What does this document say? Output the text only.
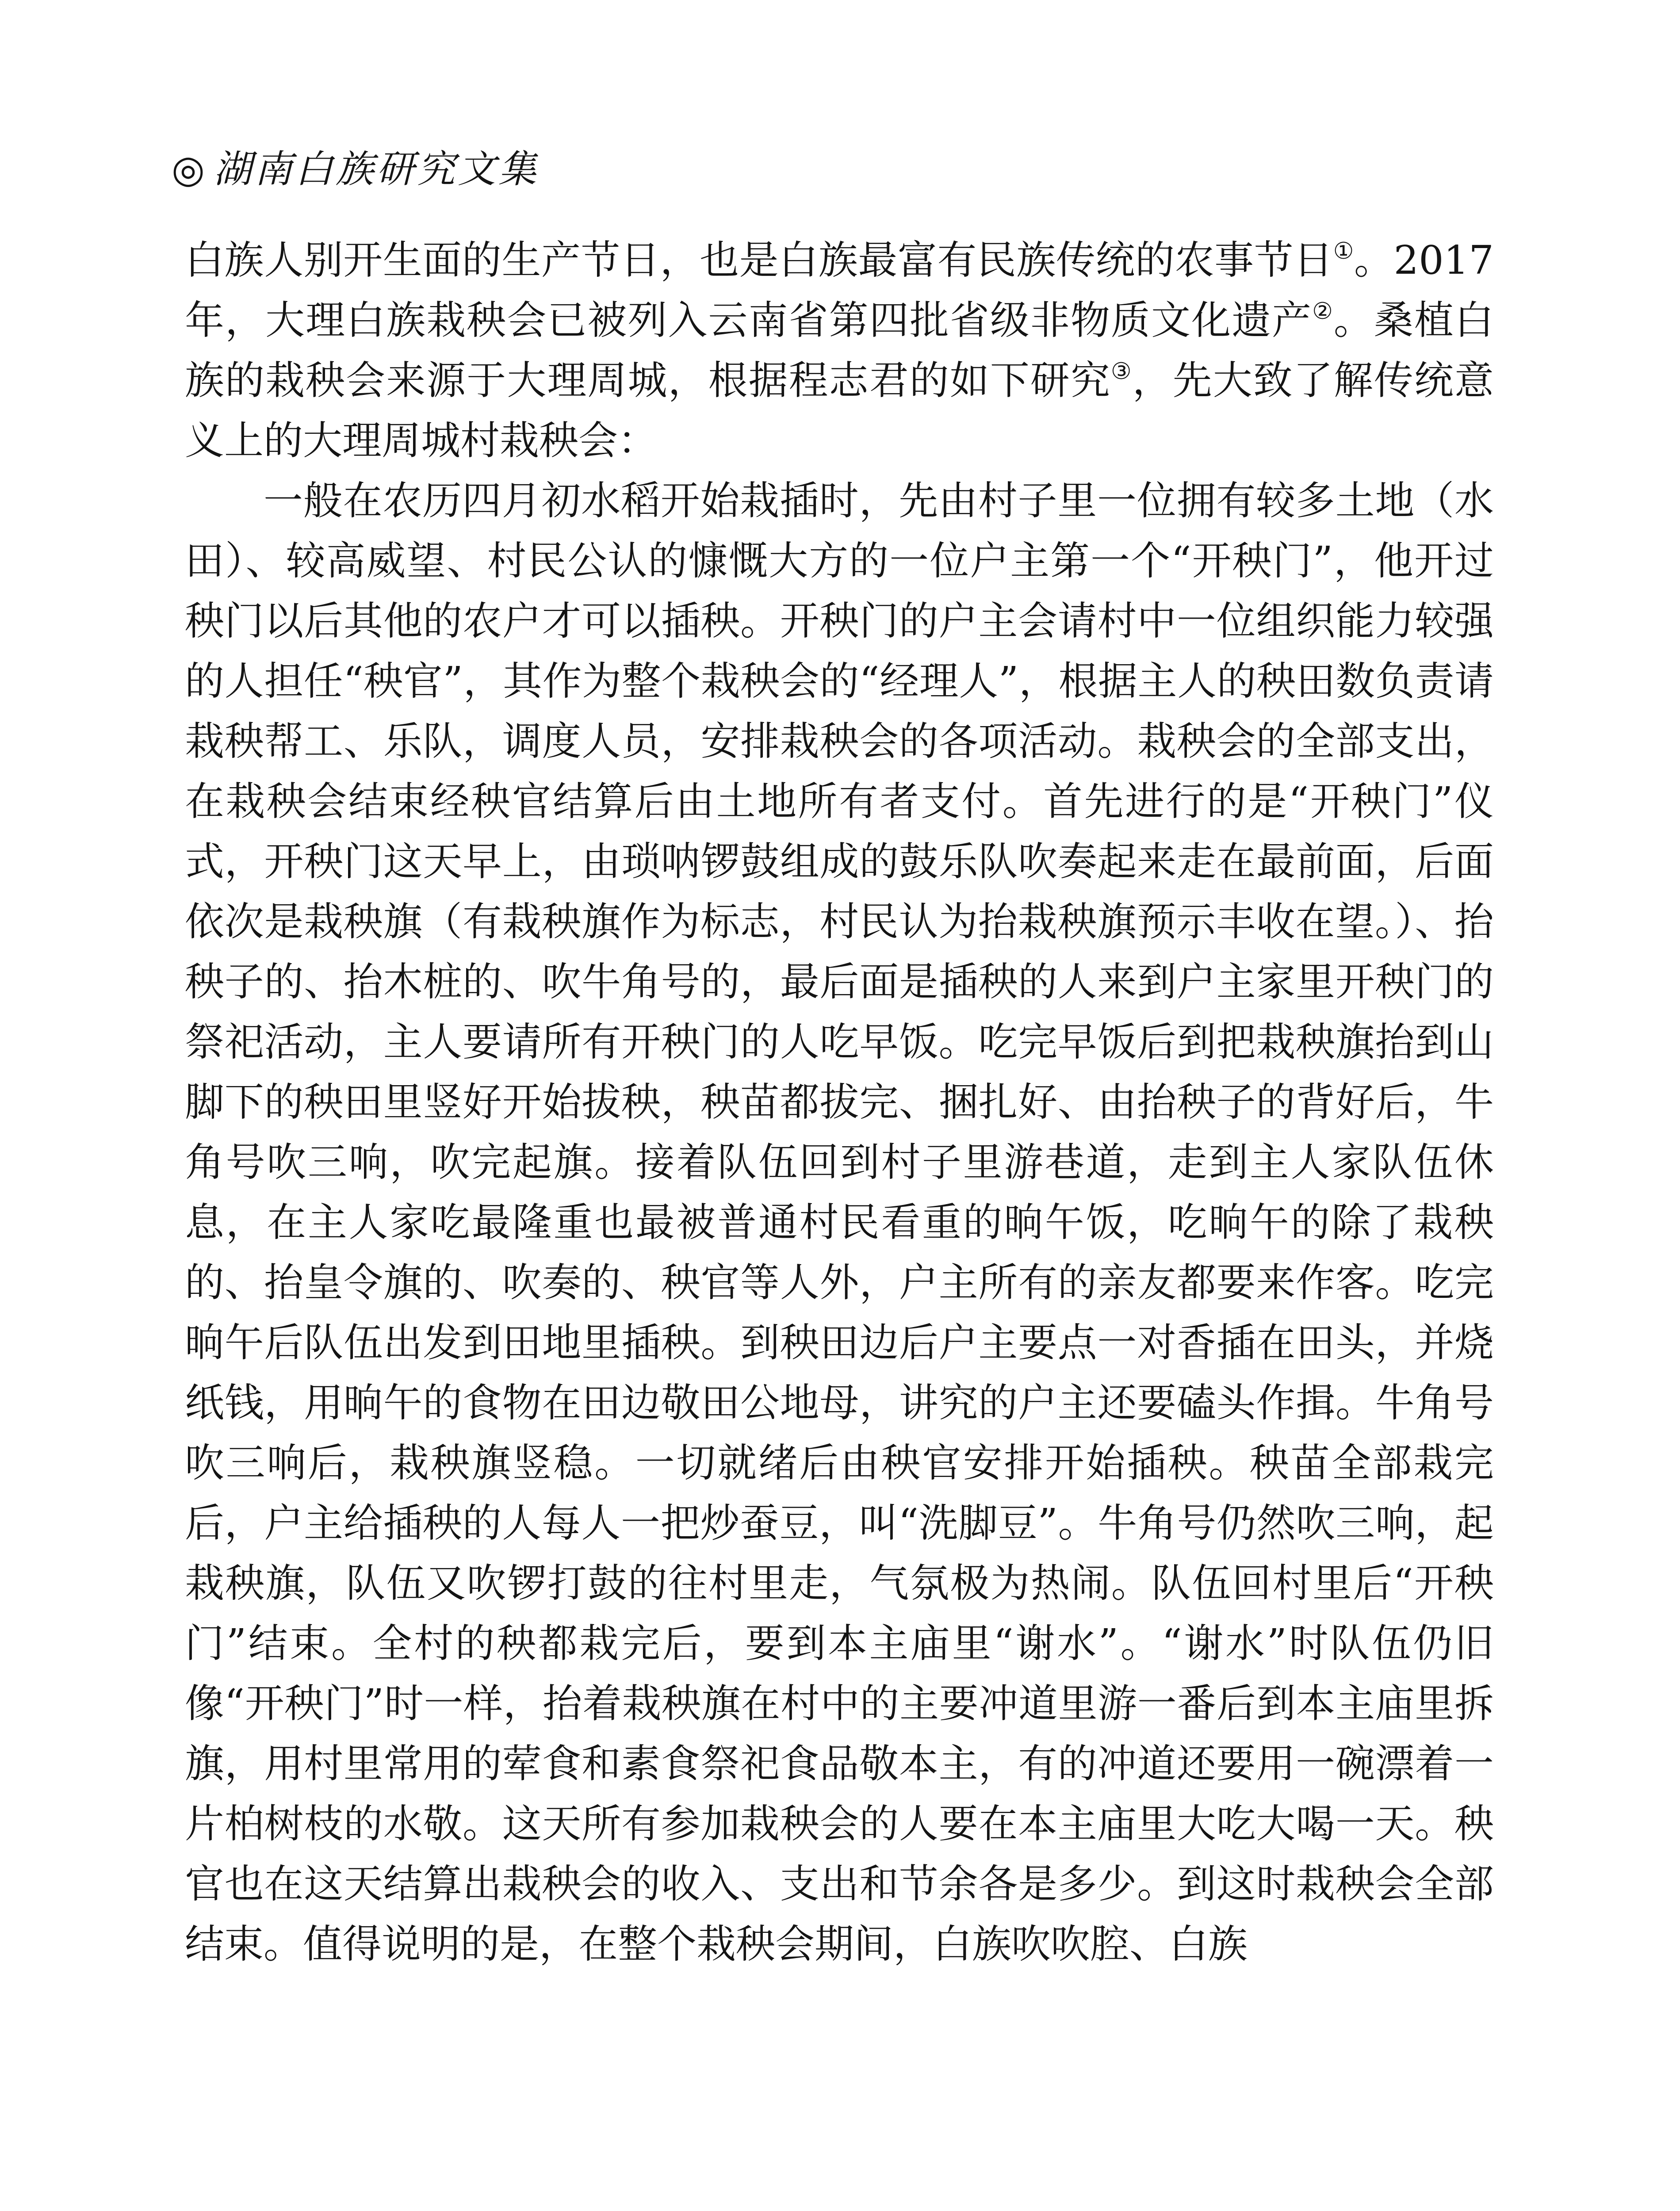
◎ 湖南白族研究文集

白族人别开生面的生产节日，也是白族最富有民族传统的农事节日①。2017年，大理白族栽秧会已被列入云南省第四批省级非物质文化遗产②。桑植白族的栽秧会来源于大理周城，根据程志君的如下研究③，先大致了解传统意义上的大理周城村栽秧会：

一般在农历四月初水稻开始栽插时，先由村子里一位拥有较多土地（水田）、较高威望、村民公认的慷慨大方的一位户主第一个“开秧门”，他开过秧门以后其他的农户才可以插秧。开秧门的户主会请村中一位组织能力较强的人担任“秧官”，其作为整个栽秧会的“经理人”，根据主人的秧田数负责请栽秧帮工、乐队，调度人员，安排栽秧会的各项活动。栽秧会的全部支出，在栽秧会结束经秧官结算后由土地所有者支付。首先进行的是“开秧门”仪式，开秧门这天早上，由琐呐锣鼓组成的鼓乐队吹奏起来走在最前面，后面依次是栽秧旗（有栽秧旗作为标志，村民认为抬栽秧旗预示丰收在望。）、抬秧子的、抬木桩的、吹牛角号的，最后面是插秧的人来到户主家里开秧门的祭祀活动，主人要请所有开秧门的人吃早饭。吃完早饭后到把栽秧旗抬到山脚下的秧田里竖好开始拔秧，秧苗都拔完、捆扎好、由抬秧子的背好后，牛角号吹三响，吹完起旗。接着队伍回到村子里游巷道，走到主人家队伍休息，在主人家吃最隆重也最被普通村民看重的晌午饭，吃晌午的除了栽秧的、抬皇令旗的、吹奏的、秧官等人外，户主所有的亲友都要来作客。吃完晌午后队伍出发到田地里插秧。到秧田边后户主要点一对香插在田头，并烧纸钱，用晌午的食物在田边敬田公地母，讲究的户主还要磕头作揖。牛角号吹三响后，栽秧旗竖稳。一切就绪后由秧官安排开始插秧。秧苗全部栽完后，户主给插秧的人每人一把炒蚕豆，叫“洗脚豆”。牛角号仍然吹三响，起栽秧旗，队伍又吹锣打鼓的往村里走，气氛极为热闹。队伍回村里后“开秧门”结束。全村的秧都栽完后，要到本主庙里“谢水”。“谢水”时队伍仍旧像“开秧门”时一样，抬着栽秧旗在村中的主要冲道里游一番后到本主庙里拆旗，用村里常用的荤食和素食祭祀食品敬本主，有的冲道还要用一碗漂着一片柏树枝的水敬。这天所有参加栽秧会的人要在本主庙里大吃大喝一天。秧官也在这天结算出栽秧会的收入、支出和节余各是多少。到这时栽秧会全部结束。值得说明的是，在整个栽秧会期间，白族吹吹腔、白族
